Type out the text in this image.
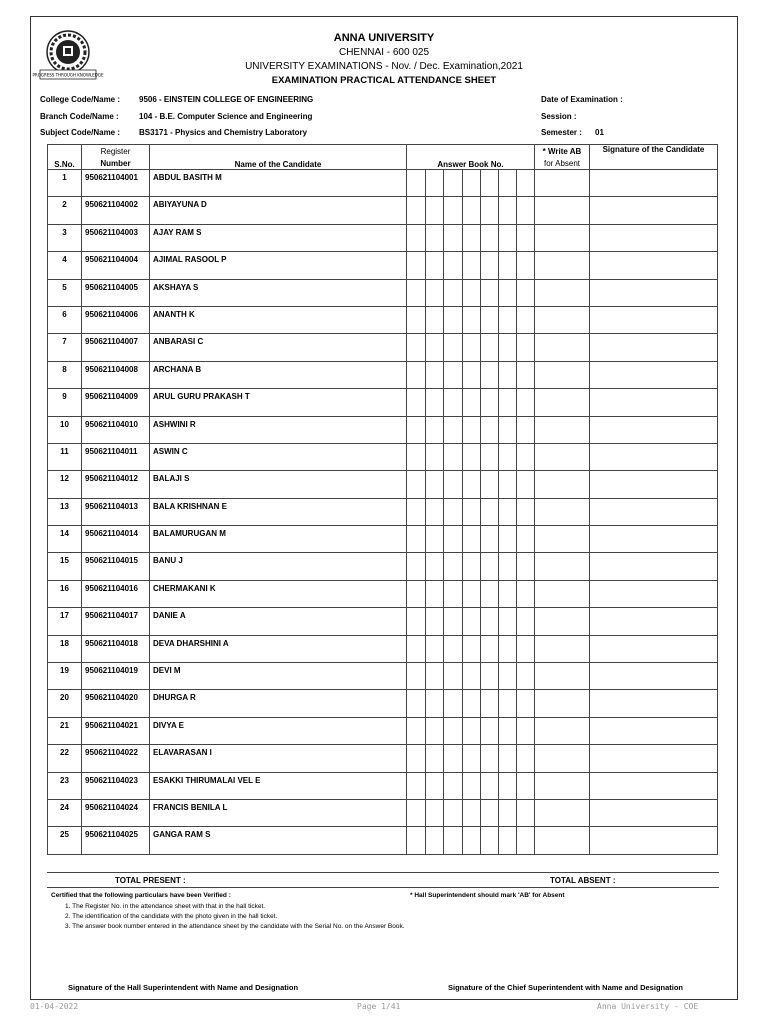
PROGRESS THROUGH KNOWLEDGE
ANNA UNIVERSITY
CHENNAI - 600 025
UNIVERSITY EXAMINATIONS - Nov. / Dec. Examination,2021
EXAMINATION PRACTICAL ATTENDANCE SHEET
College Code/Name : 9506 - EINSTEIN COLLEGE OF ENGINEERING
Branch Code/Name :	104 - B.E. Computer Science and Engineering
Subject Code/Name : BS3171 - Physics and Chemistry Laboratory
Date of Examination :
Session :
Semester : 01
S.No.	Register	Name of the Candidate	Answer Book No.							* Write AB	Signature of the Candidate
	Number									for Absent	
1	950621104001	ABDUL BASITH M									
2	950621104002	ABIYAYUNA D									
3	950621104003	AJAY RAM S									
4	950621104004	AJIMAL RASOOL P									
5	950621104005	AKSHAYA S									
6	950621104006	ANANTH K									
7	950621104007	ANBARASI C									
8	950621104008	ARCHANA B									
9	950621104009	ARUL GURU PRAKASH T									
10	950621104010	ASHWINI R									
11	950621104011	ASWIN C									
12	950621104012	BALAJI S									
13	950621104013	BALA KRISHNAN E									
14	950621104014	BALAMURUGAN M									
15	950621104015	BANU J									
16	950621104016	CHERMAKANI K									
17	950621104017	DANIE A									
18	950621104018	DEVA DHARSHINI A									
19	950621104019	DEVI M									
20	950621104020	DHURGA R									
21	950621104021	DIVYA E									
22	950621104022	ELAVARASAN I									
23	950621104023	ESAKKI THIRUMALAI VEL E									
24	950621104024	FRANCIS BENILA L									
25	950621104025	GANGA RAM S									
TOTAL PRESENT :	TOTAL ABSENT :
Certified that the following particulars have been Verified :	* Hall Superintendent should mark 'AB' for Absent
1. The Register No. in the attendance sheet with that in the hall ticket.
2. The identification of the candidate with the photo given in the hall ticket.
3. The answer book number entered in the attendance sheet by the candidate with the Serial No. on the Answer Book.
Signature of the Hall Superintendent with Name and Designation	Signature of the Chief Superintendent with Name and Designation
01-04-2022	Page 1/41	Anna University - COE
